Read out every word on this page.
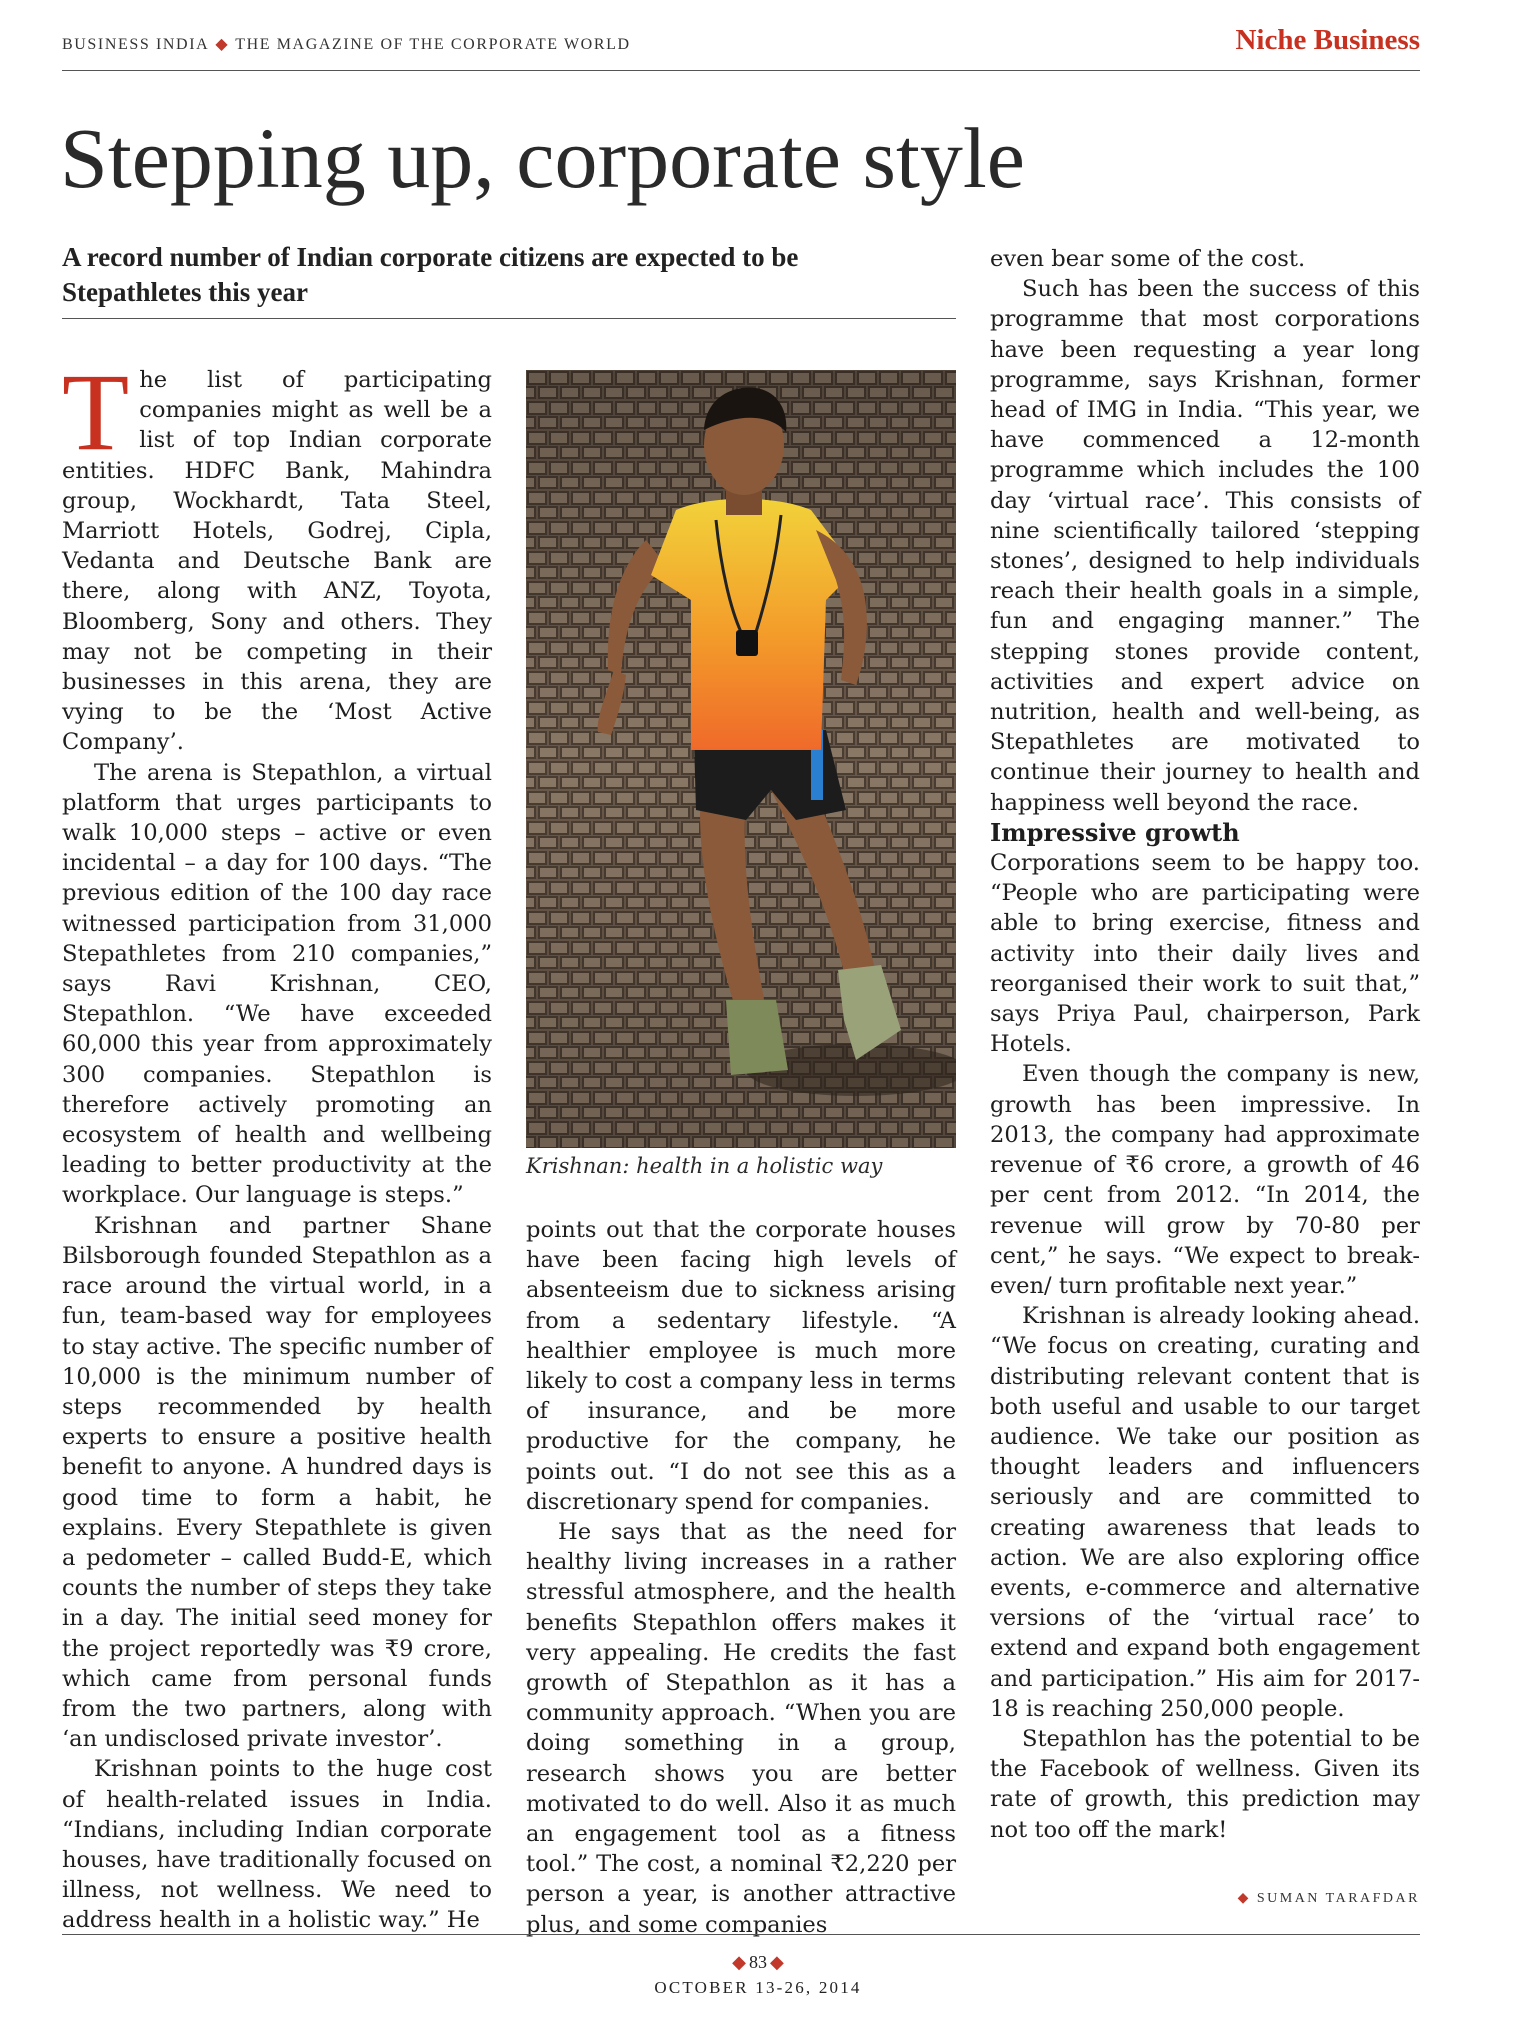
BUSINESS INDIA ◆ THE MAGAZINE OF THE CORPORATE WORLD	Niche Business
Stepping up, corporate style
A record number of Indian corporate citizens are expected to be Stepathletes this year

The list of participating companies might as well be a list of top Indian corporate entities. HDFC Bank, Mahindra group, Wockhardt, Tata Steel, Marriott Hotels, Godrej, Cipla, Vedanta and Deutsche Bank are there, along with ANZ, Toyota, Bloomberg, Sony and others. They may not be competing in their businesses in this arena, they are vying to be the ‘Most Active Company’.

The arena is Stepathlon, a virtual platform that urges participants to walk 10,000 steps – active or even incidental – a day for 100 days. “The previous edition of the 100 day race witnessed participation from 31,000 Stepathletes from 210 companies,” says Ravi Krishnan, CEO, Stepathlon. “We have exceeded 60,000 this year from approximately 300 companies. Stepathlon is therefore actively promoting an ecosystem of health and wellbeing leading to better productivity at the workplace. Our language is steps.”

Krishnan and partner Shane Bilsborough founded Stepathlon as a race around the virtual world, in a fun, team-based way for employees to stay active. The specific number of 10,000 is the minimum number of steps recommended by health experts to ensure a positive health benefit to anyone. A hundred days is good time to form a habit, he explains. Every Stepathlete is given a pedometer – called Budd-E, which counts the number of steps they take in a day. The initial seed money for the project reportedly was ₹9 crore, which came from personal funds from the two partners, along with ‘an undisclosed private investor’.

Krishnan points to the huge cost of health-related issues in India. “Indians, including Indian corporate houses, have traditionally focused on illness, not wellness. We need to address health in a holistic way.” He

Krishnan: health in a holistic way

points out that the corporate houses have been facing high levels of absenteeism due to sickness arising from a sedentary lifestyle. “A healthier employee is much more likely to cost a company less in terms of insurance, and be more productive for the company, he points out. “I do not see this as a discretionary spend for companies.

He says that as the need for healthy living increases in a rather stressful atmosphere, and the health benefits Stepathlon offers makes it very appealing. He credits the fast growth of Stepathlon as it has a community approach. “When you are doing something in a group, research shows you are better motivated to do well. Also it as much an engagement tool as a fitness tool.” The cost, a nominal ₹2,220 per person a year, is another attractive plus, and some companies

even bear some of the cost.

Such has been the success of this programme that most corporations have been requesting a year long programme, says Krishnan, former head of IMG in India. “This year, we have commenced a 12-month programme which includes the 100 day ‘virtual race’. This consists of nine scientifically tailored ‘stepping stones’, designed to help individuals reach their health goals in a simple, fun and engaging manner.” The stepping stones provide content, activities and expert advice on nutrition, health and well-being, as Stepathletes are motivated to continue their journey to health and happiness well beyond the race.

Impressive growth

Corporations seem to be happy too. “People who are participating were able to bring exercise, fitness and activity into their daily lives and reorganised their work to suit that,” says Priya Paul, chairperson, Park Hotels.

Even though the company is new, growth has been impressive. In 2013, the company had approximate revenue of ₹6 crore, a growth of 46 per cent from 2012. “In 2014, the revenue will grow by 70-80 per cent,” he says. “We expect to break-even/ turn profitable next year.”

Krishnan is already looking ahead. “We focus on creating, curating and distributing relevant content that is both useful and usable to our target audience. We take our position as thought leaders and influencers seriously and are committed to creating awareness that leads to action. We are also exploring office events, e-commerce and alternative versions of the ‘virtual race’ to extend and expand both engagement and participation.” His aim for 2017-18 is reaching 250,000 people.

Stepathlon has the potential to be the Facebook of wellness. Given its rate of growth, this prediction may not too off the mark!

◆ SUMAN TARAFDAR
◆ 83 ◆
OCTOBER 13-26, 2014
